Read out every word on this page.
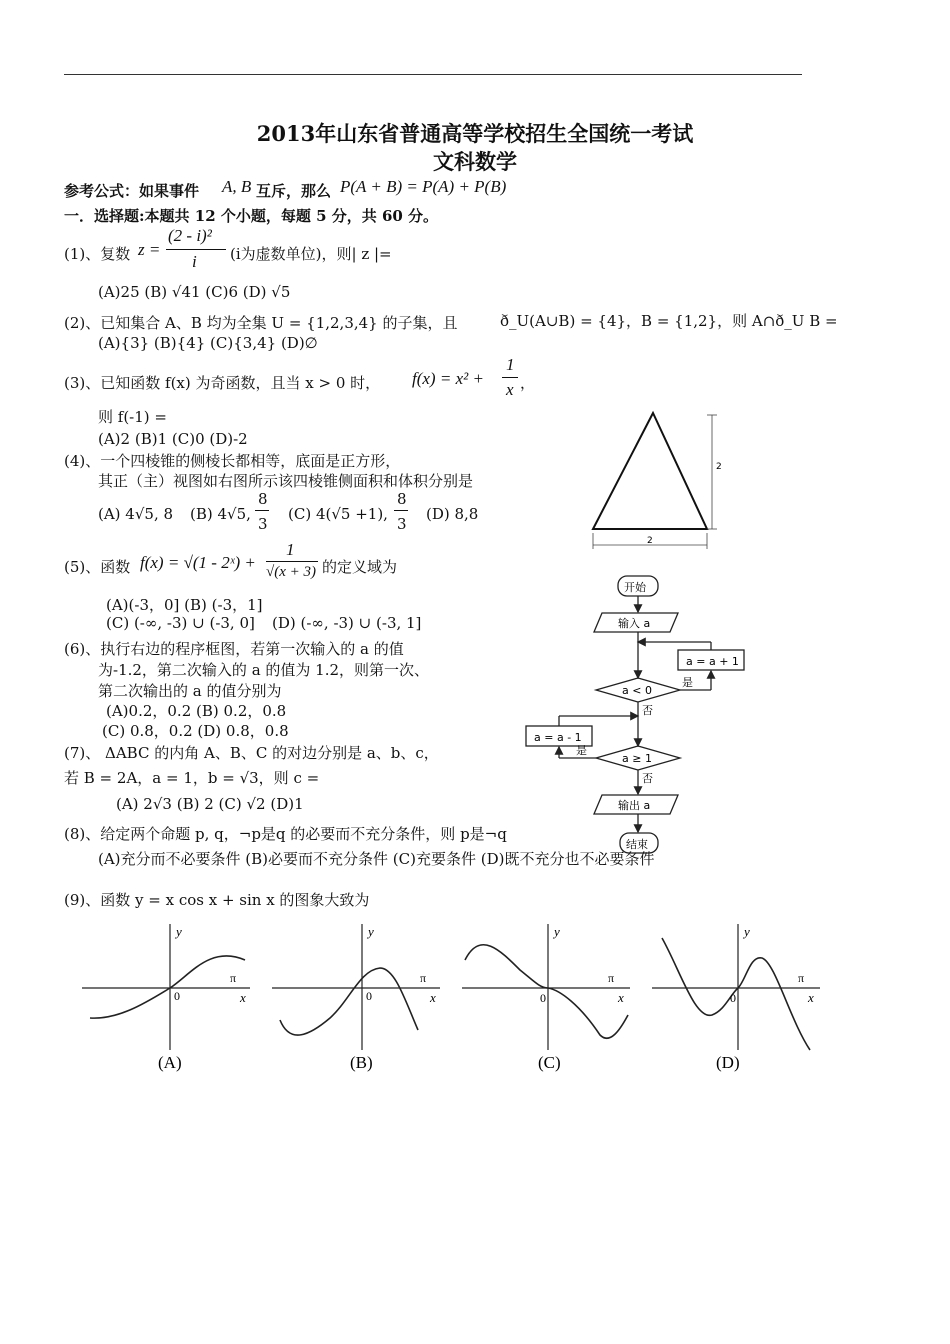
2013年山东省普通高等学校招生全国统一考试
文科数学
参考公式：如果事件 A, B 互斥，那么 P(A + B) = P(A) + P(B)
一．选择题:本题共 12 个小题，每题 5 分，共 60 分。
(1)、复数 z =
(2 - i)²
i (i为虚数单位)，则| z |=
(A)25 (B) √41 (C)6 (D) √5
(2)、已知集合 A、B 均为全集 U = {1,2,3,4} 的子集，且	ð_U(A∪B) = {4}，B = {1,2}，则 A∩ð_U B =
(A){3} (B){4} (C){3,4} (D)∅
(3)、已知函数 f(x) 为奇函数，且当 x > 0 时， f(x) = x² +
1
x ，
则 f(-1) =
(A)2 (B)1 (C)0 (D)-2
(4)、一个四棱锥的侧棱长都相等，底面是正方形，
其正（主）视图如右图所示该四棱锥侧面积和体积分别是
(A) 4√5, 8 (B) 4√5,
8
3
(C) 4(√5 +1),
8
3
(D) 8,8
2
2
(5)、函数 f(x) = √(1 - 2ˣ) +
1
√(x + 3) 的定义域为
(A)(-3，0] (B) (-3，1]
(C) (-∞, -3) ∪ (-3, 0] (D) (-∞, -3) ∪ (-3, 1]
(6)、执行右边的程序框图，若第一次输入的 a 的值
为-1.2，第二次输入的 a 的值为 1.2，则第一次、
第二次输出的 a 的值分别为
(A)0.2，0.2 (B) 0.2，0.8
(C) 0.8，0.2 (D) 0.8，0.8
(7)、 ΔABC 的内角 A、B、C 的对边分别是 a、b、c，
若 B = 2A，a = 1，b = √3，则 c =
(A) 2√3 (B) 2 (C) √2 (D)1
(8)、给定两个命题 p, q，¬p是q 的必要而不充分条件，则 p是¬q
(A)充分而不必要条件 (B)必要而不充分条件 (C)充要条件 (D)既不充分也不必要条件
(9)、函数 y = x cos x + sin x 的图象大致为
开始
输入 a
a = a + 1
a < 0
是
否
a = a - 1
a ≥ 1
是
否
输出 a
结束
y
x
π
0
(A)
y
x
π
0
(B)
y
x
π
0
(C)
y
x
π
0
(D)
